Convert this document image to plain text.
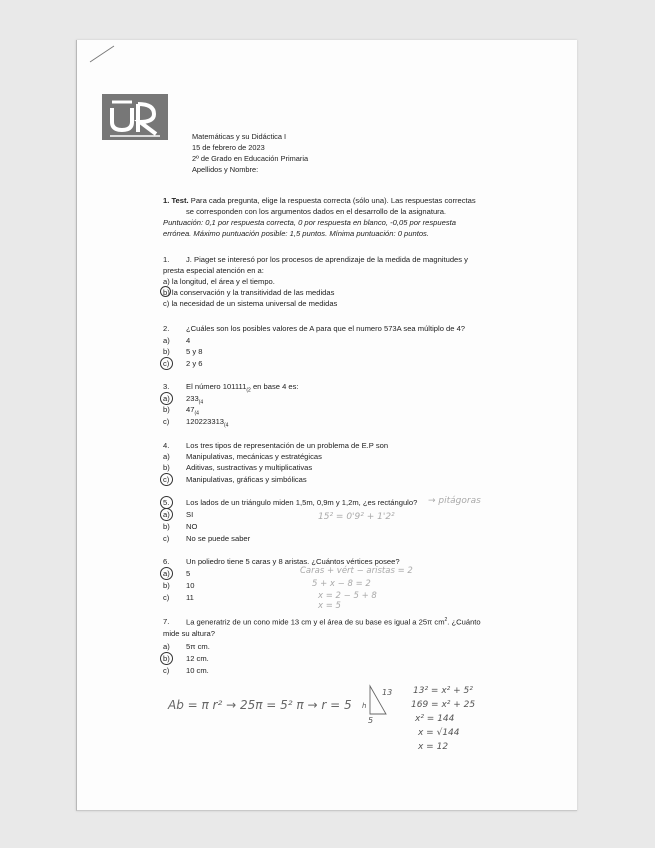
Matemáticas y su Didáctica I
15 de febrero de 2023
2º de Grado en Educación Primaria
Apellidos y Nombre:
1. Test. Para cada pregunta, elige la respuesta correcta (sólo una). Las respuestas correctas
se corresponden con los argumentos dados en el desarrollo de la asignatura.
Puntuación: 0,1 por respuesta correcta, 0 por respuesta en blanco, -0,05 por respuesta
errónea. Máximo puntuación posible: 1,5 puntos. Mínima puntuación: 0 puntos.
1. J. Piaget se interesó por los procesos de aprendizaje de la medida de magnitudes y
presta especial atención en a:
a) la longitud, el área y el tiempo.
b) la conservación y la transitividad de las medidas
c) la necesidad de un sistema universal de medidas
2. ¿Cuáles son los posibles valores de A para que el numero 573A sea múltiplo de 4?
a) 4
b) 5 y 8
c) 2 y 6
3. El número $101111_{(2}$ en base 4 es:
a) $233_{(4}$
b) $47_{(4}$
c) $120223313_{(4}$
4. Los tres tipos de representación de un problema de E.P son
a) Manipulativas, mecánicas y estratégicas
b) Aditivas, sustractivas y multiplicativas
c) Manipulativas, gráficas y simbólicas
5. Los lados de un triángulo miden 1,5m, 0,9m y 1,2m, ¿es rectángulo? → pitágoras
15² = 0'9² + 1'2²
a) SI
b) NO
c) No se puede saber
6. Un poliedro tiene 5 caras y 8 aristas. ¿Cuántos vértices posee?
a) 5
b) 10
c) 11
Caras + vért − aristas = 2
5 + x − 8 = 2
x = 2 − 5 + 8
x = 5
7. La generatriz de un cono mide 13 cm y el área de su base es igual a 25π $cm^2$. ¿Cuánto
mide su altura?
a) 5π cm.
b) 12 cm.
c) 10 cm.
Ab = π r² → 25π = 5² π → r = 5
13
5
h
13² = x² + 5²
169 = x² + 25
x² = 144
x = √144
x = 12
